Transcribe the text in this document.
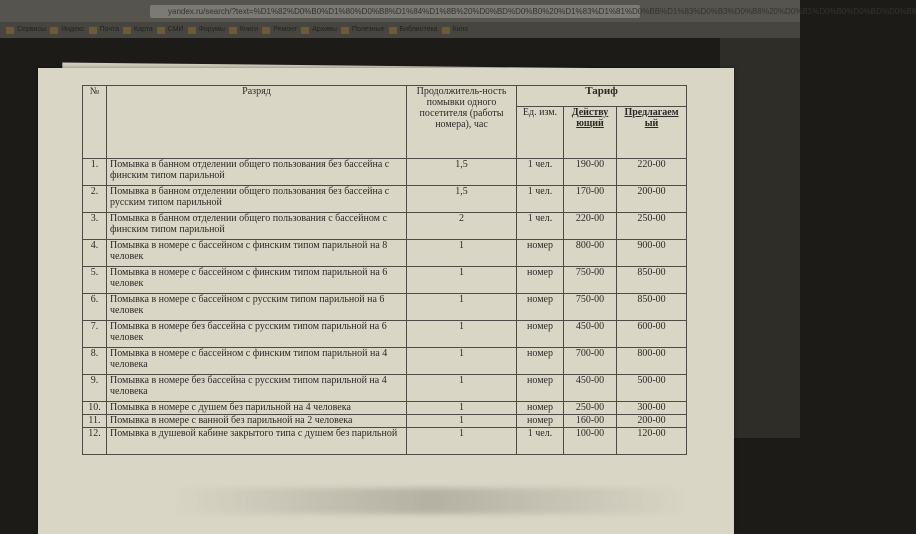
yandex.ru/search/?text=%D1%82%D0%B0%D1%80%D0%B8%D1%84%D1%8B%20%D0%BD%D0%B0%20%D1%83%D1%81%D0%BB%D1%83%D0%B3%D0%B8%20%D0%B1%D0%B0%D0%BD%D0%B8
Сервисы Яндекс Почта Карта СМИ Форумы Книги Ремонт Архивы Полезные Библиотека Кино
№	Разряд	Продолжитель-ность помывки одного посетителя (работы номера), час	Тариф		
			Ед. изм.	Действу ющий	Предлагаем ый
1.	Помывка в банном отделении общего пользования без бассейна с финским типом парильной	1,5	1 чел.	190-00	220-00
2.	Помывка в банном отделении общего пользования без бассейна с русским типом парильной	1,5	1 чел.	170-00	200-00
3.	Помывка в банном отделении общего пользования с бассейном с финским типом парильной	2	1 чел.	220-00	250-00
4.	Помывка в номере с бассейном с финским типом парильной на 8 человек	1	номер	800-00	900-00
5.	Помывка в номере с бассейном с финским типом парильной на 6 человек	1	номер	750-00	850-00
6.	Помывка в номере с бассейном с русским типом парильной на 6 человек	1	номер	750-00	850-00
7.	Помывка в номере без бассейна с русским типом парильной на 6 человек	1	номер	450-00	600-00
8.	Помывка в номере с бассейном с финским типом парильной на 4 человека	1	номер	700-00	800-00
9.	Помывка в номере без бассейна с русским типом парильной на 4 человека	1	номер	450-00	500-00
10.	Помывка в номере с душем без парильной на 4 человека	1	номер	250-00	300-00
11.	Помывка в номере с ванной без парильной на 2 человека	1	номер	160-00	200-00
12.	Помывка в душевой кабине закрытого типа с душем без парильной	1	1 чел.	100-00	120-00
